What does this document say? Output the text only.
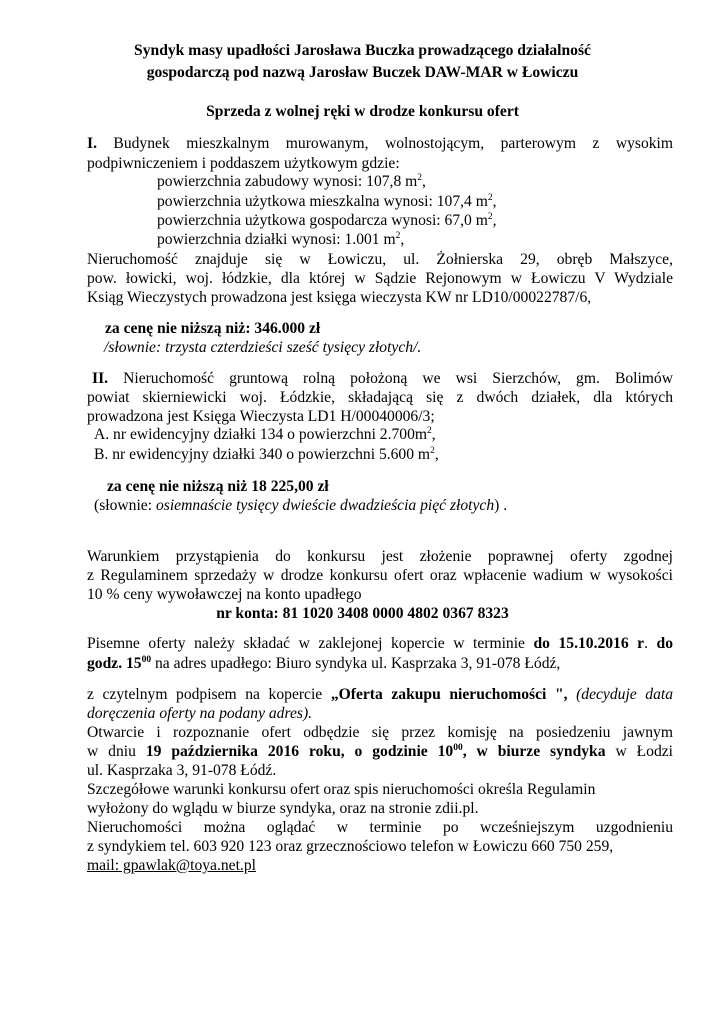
Syndyk masy upadłości Jarosława Buczka prowadzącego działalność
gospodarczą pod nazwą Jarosław Buczek DAW-MAR w Łowiczu
Sprzeda z wolnej ręki w drodze konkursu ofert
I. Budynek mieszkalnym murowanym, wolnostojącym, parterowym z wysokim
podpiwniczeniem i poddaszem użytkowym gdzie:
powierzchnia zabudowy wynosi: 107,8 $m^2$,
powierzchnia użytkowa mieszkalna wynosi: 107,4 $m^2$,
powierzchnia użytkowa gospodarcza wynosi: 67,0 $m^2$,
powierzchnia działki wynosi: 1.001 $m^2$,
Nieruchomość znajduje się w Łowiczu, ul. Żołnierska 29, obręb Małszyce,
pow. łowicki, woj. łódzkie, dla której w Sądzie Rejonowym w Łowiczu V Wydziale
Ksiąg Wieczystych prowadzona jest księga wieczysta KW nr LD10/00022787/6,
za cenę nie niższą niż: 346.000 zł
/słownie: trzysta czterdzieści sześć tysięcy złotych/.
II. Nieruchomość gruntową rolną położoną we wsi Sierzchów, gm. Bolimów
powiat skierniewicki woj. Łódzkie, składającą się z dwóch działek, dla których
prowadzona jest Księga Wieczysta LD1 H/00040006/3;
A. nr ewidencyjny działki 134 o powierzchni $2.700m^2$,
B. nr ewidencyjny działki 340 o powierzchni 5.600 $m^2$,
za cenę nie niższą niż 18 225,00 zł
(słownie: osiemnaście tysięcy dwieście dwadzieścia pięć złotych) .
Warunkiem przystąpienia do konkursu jest złożenie poprawnej oferty zgodnej
z Regulaminem sprzedaży w drodze konkursu ofert oraz wpłacenie wadium w wysokości
10 % ceny wywoławczej na konto upadłego
nr konta: 81 1020 3408 0000 4802 0367 8323
Pisemne oferty należy składać w zaklejonej kopercie w terminie do 15.10.2016 r. do
godz. $15^{00}$ na adres upadłego: Biuro syndyka ul. Kasprzaka 3, 91-078 Łódź,
z czytelnym podpisem na kopercie „Oferta zakupu nieruchomości ", (decyduje data
doręczenia oferty na podany adres).
Otwarcie i rozpoznanie ofert odbędzie się przez komisję na posiedzeniu jawnym
w dniu 19 października 2016 roku, o godzinie $10^{00}$, w biurze syndyka w Łodzi
ul. Kasprzaka 3, 91-078 Łódź.
Szczegółowe warunki konkursu ofert oraz spis nieruchomości określa Regulamin
wyłożony do wglądu w biurze syndyka, oraz na stronie zdii.pl.
Nieruchomości można oglądać w terminie po wcześniejszym uzgodnieniu
z syndykiem tel. 603 920 123 oraz grzecznościowo telefon w Łowiczu 660 750 259,
mail: gpawlak@toya.net.pl
